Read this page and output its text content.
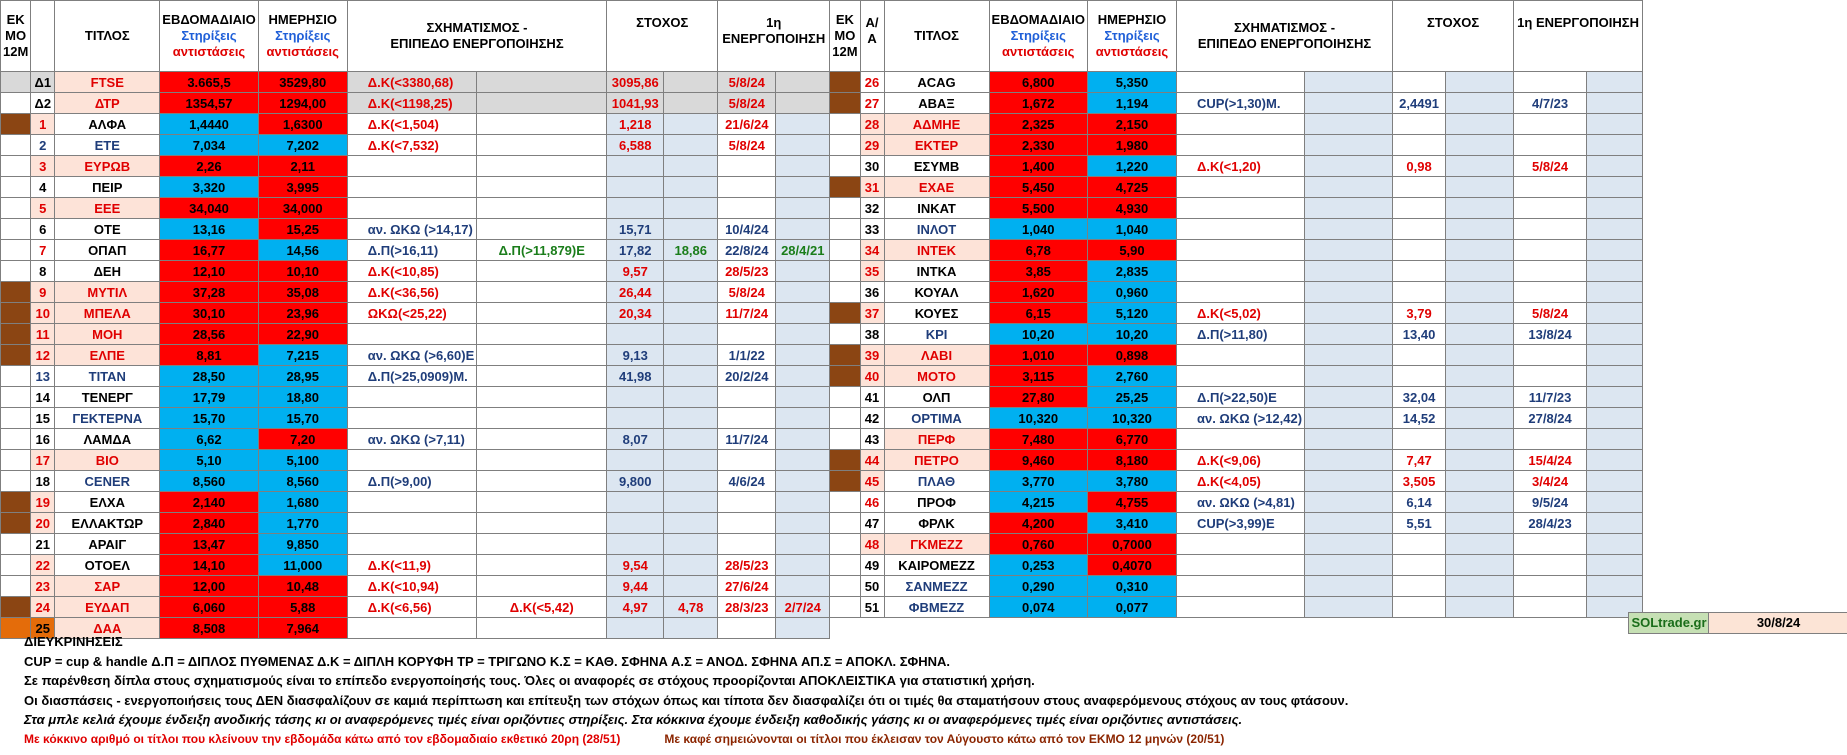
ΕΚ ΜΟ 12Μ		ΤΙΤΛΟΣ	ΕΒΔΟΜΑΔΙΑΙΟ
Στηρίξεις
αντιστάσεις	ΗΜΕΡΗΣΙΟ
Στηρίξεις
αντιστάσεις	ΣΧΗΜΑΤΙΣΜΟΣ -
ΕΠΙΠΕΔΟ ΕΝΕΡΓΟΠΟΙΗΣΗΣ		ΣΤΟΧΟΣ		1η ΕΝΕΡΓΟΠΟΙΗΣΗ		ΕΚ ΜΟ 12Μ	Α/Α	ΤΙΤΛΟΣ	ΕΒΔΟΜΑΔΙΑΙΟ
Στηρίξεις
αντιστάσεις	ΗΜΕΡΗΣΙΟ
Στηρίξεις
αντιστάσεις	ΣΧΗΜΑΤΙΣΜΟΣ -
ΕΠΙΠΕΔΟ ΕΝΕΡΓΟΠΟΙΗΣΗΣ		ΣΤΟΧΟΣ		1η ΕΝΕΡΓΟΠΟΙΗΣΗ	
	Δ1	FTSE	3.665,5	3529,80	Δ.Κ(<3380,68)		3095,86		5/8/24			26	ACAG	6,800	5,350						
	Δ2	ΔΤΡ	1354,57	1294,00	Δ.Κ(<1198,25)		1041,93		5/8/24			27	ΑΒΑΞ	1,672	1,194	CUP(>1,30)Μ.		2,4491		4/7/23	
	1	ΑΛΦΑ	1,4440	1,6300	Δ.Κ(<1,504)		1,218		21/6/24			28	ΑΔΜΗΕ	2,325	2,150						
	2	ΕΤΕ	7,034	7,202	Δ.Κ(<7,532)		6,588		5/8/24			29	ΕΚΤΕΡ	2,330	1,980						
	3	ΕΥΡΩΒ	2,26	2,11								30	ΕΣΥΜΒ	1,400	1,220	Δ.Κ(<1,20)		0,98		5/8/24	
	4	ΠΕΙΡ	3,320	3,995								31	ΕΧΑΕ	5,450	4,725						
	5	ΕΕΕ	34,040	34,000								32	ΙΝΚΑΤ	5,500	4,930						
	6	ΟΤΕ	13,16	15,25	αν. ΩΚΩ (>14,17)		15,71		10/4/24			33	ΙΝΛΟΤ	1,040	1,040						
	7	ΟΠΑΠ	16,77	14,56	Δ.Π(>16,11)	Δ.Π(>11,879)Ε	17,82	18,86	22/8/24	28/4/21		34	ΙΝΤΕΚ	6,78	5,90						
	8	ΔΕΗ	12,10	10,10	Δ.Κ(<10,85)		9,57		28/5/23			35	ΙΝΤΚΑ	3,85	2,835						
	9	ΜΥΤΙΛ	37,28	35,08	Δ.Κ(<36,56)		26,44		5/8/24			36	ΚΟΥΑΛ	1,620	0,960						
	10	ΜΠΕΛΑ	30,10	23,96	ΩΚΩ(<25,22)		20,34		11/7/24			37	ΚΟΥΕΣ	6,15	5,120	Δ.Κ(<5,02)		3,79		5/8/24	
	11	ΜΟΗ	28,56	22,90								38	ΚΡΙ	10,20	10,20	Δ.Π(>11,80)		13,40		13/8/24	
	12	ΕΛΠΕ	8,81	7,215	αν. ΩΚΩ (>6,60)Ε		9,13		1/1/22			39	ΛΑΒΙ	1,010	0,898						
	13	ΤΙΤΑΝ	28,50	28,95	Δ.Π(>25,0909)Μ.		41,98		20/2/24			40	ΜΟΤΟ	3,115	2,760						
	14	ΤΕΝΕΡΓ	17,79	18,80								41	ΟΛΠ	27,80	25,25	Δ.Π(>22,50)Ε		32,04		11/7/23	
	15	ΓΕΚΤΕΡΝΑ	15,70	15,70								42	ΟΡΤΙΜΑ	10,320	10,320	αν. ΩΚΩ (>12,42)		14,52		27/8/24	
	16	ΛΑΜΔΑ	6,62	7,20	αν. ΩΚΩ (>7,11)		8,07		11/7/24			43	ΠΕΡΦ	7,480	6,770						
	17	ΒΙΟ	5,10	5,100								44	ΠΕΤΡΟ	9,460	8,180	Δ.Κ(<9,06)		7,47		15/4/24	
	18	CENER	8,560	8,560	Δ.Π(>9,00)		9,800		4/6/24			45	ΠΛΑΘ	3,770	3,780	Δ.Κ(<4,05)		3,505		3/4/24	
	19	ΕΛΧΑ	2,140	1,680								46	ΠΡΟΦ	4,215	4,755	αν. ΩΚΩ (>4,81)		6,14		9/5/24	
	20	ΕΛΛΑΚΤΩΡ	2,840	1,770								47	ΦΡΛΚ	4,200	3,410	CUP(>3,99)Ε		5,51		28/4/23	
	21	ΑΡΑΙΓ	13,47	9,850								48	ΓΚΜΕΖΖ	0,760	0,7000						
	22	ΟΤΟΕΛ	14,10	11,000	Δ.Κ(<11,9)		9,54		28/5/23			49	ΚΑΙΡΟΜΕΖΖ	0,253	0,4070						
	23	ΣΑΡ	12,00	10,48	Δ.Κ(<10,94)		9,44		27/6/24			50	ΣΑΝΜΕΖΖ	0,290	0,310						
	24	ΕΥΔΑΠ	6,060	5,88	Δ.Κ(<6,56)	Δ.Κ(<5,42)	4,97	4,78	28/3/23	2/7/24		51	ΦΒΜΕΖΖ	0,074	0,077						
	25	ΔΑΑ	8,508	7,964																		SOLtrade.gr	30/8/24
ΔΙΕΥΚΡΙΝΗΣΕΙΣ
CUP = cup & handle Δ.Π = ΔΙΠΛΟΣ ΠΥΘΜΕΝΑΣ Δ.Κ = ΔΙΠΛΗ ΚΟΡΥΦΗ TP = ΤΡΙΓΩΝΟ Κ.Σ = ΚΑΘ. ΣΦΗΝΑ Α.Σ = ΑΝΟΔ. ΣΦΗΝΑ ΑΠ.Σ = ΑΠΟΚΛ. ΣΦΗΝΑ.
Σε παρένθεση δίπλα στους σχηματισμούς είναι το επίπεδο ενεργοποίησής τους. Όλες οι αναφορές σε στόχους προορίζονται ΑΠΟΚΛΕΙΣΤΙΚΑ για στατιστική χρήση.
Οι διασπάσεις - ενεργοποιήσεις τους ΔΕΝ διασφαλίζουν σε καμιά περίπτωση και επίτευξη των στόχων όπως και τίποτα δεν διασφαλίζει ότι οι τιμές θα σταματήσουν στους αναφερόμενους στόχους αν τους φτάσουν.
Στα μπλε κελιά έχουμε ένδειξη ανοδικής τάσης κι οι αναφερόμενες τιμές είναι οριζόντιες στηρίξεις. Στα κόκκινα έχουμε ένδειξη καθοδικής γάσης κι οι αναφερόμενες τιμές είναι οριζόντιες αντιστάσεις.
Με κόκκινο αριθμό οι τίτλοι που κλείνουν την εβδομάδα κάτω από τον εβδομαδιαίο εκθετικό 20ρη (28/51)	Με καφέ σημειώνονται οι τίτλοι που έκλεισαν τον Αύγουστο κάτω από τον ΕΚΜΟ 12 μηνών (20/51)
